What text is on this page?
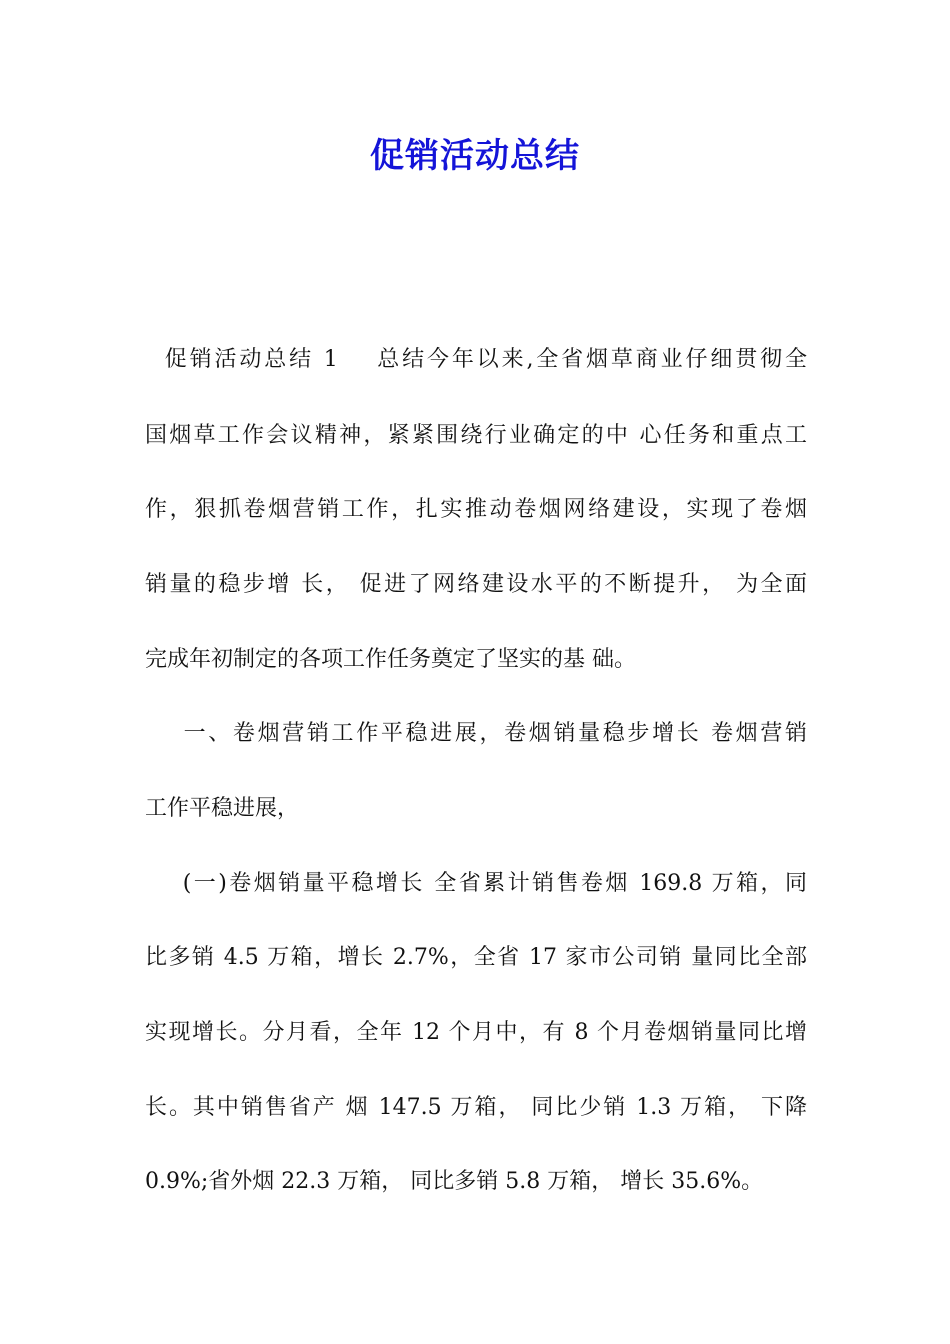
促销活动总结
促销活动总结 1    总结今年以来,全省烟草商业仔细贯彻全
国烟草工作会议精神，紧紧围绕行业确定的中 心任务和重点工
作，狠抓卷烟营销工作，扎实推动卷烟网络建设，实现了卷烟
销量的稳步增 长， 促进了网络建设水平的不断提升， 为全面
完成年初制定的各项工作任务奠定了坚实的基 础。
一、卷烟营销工作平稳进展，卷烟销量稳步增长 卷烟营销
工作平稳进展，
(一)卷烟销量平稳增长 全省累计销售卷烟 169.8 万箱，同
比多销 4.5 万箱，增长 2.7%，全省 17 家市公司销 量同比全部
实现增长。分月看，全年 12 个月中，有 8 个月卷烟销量同比增
长。其中销售省产 烟 147.5 万箱， 同比少销 1.3 万箱， 下降
0.9%;省外烟 22.3 万箱， 同比多销 5.8 万箱， 增长 35.6%。
